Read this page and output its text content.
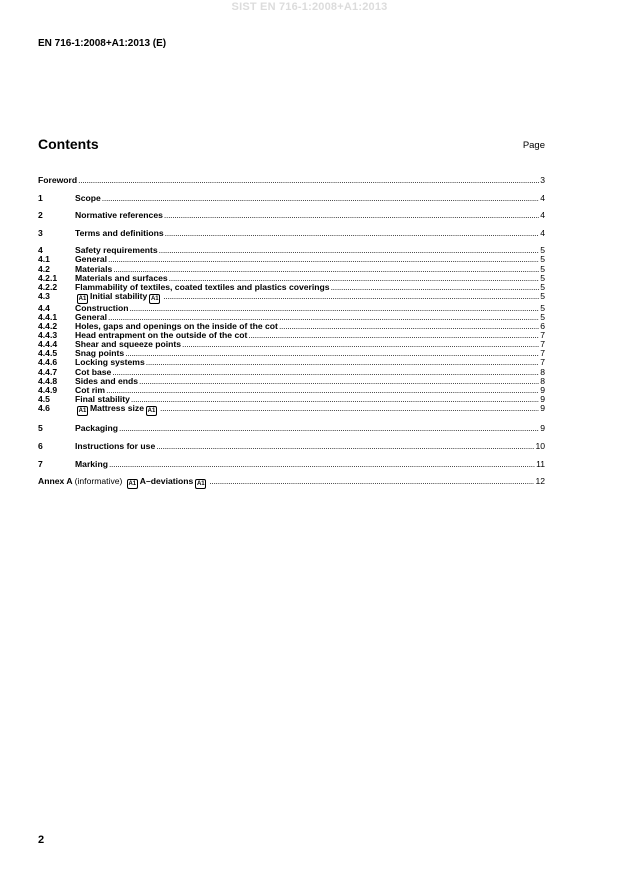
SIST EN 716-1:2008+A1:2013
EN 716-1:2008+A1:2013 (E)
Contents	Page
Foreword .....	3
1	Scope .....	4
2	Normative references .....	4
3	Terms and definitions .....	4
4	Safety requirements .....	5
4.1	General .....	5
4.2	Materials .....	5
4.2.1	Materials and surfaces .....	5
4.2.2	Flammability of textiles, coated textiles and plastics coverings .....	5
4.3	A1 Initial stability A1 .....	5
4.4	Construction .....	5
4.4.1	General .....	5
4.4.2	Holes, gaps and openings on the inside of the cot .....	6
4.4.3	Head entrapment on the outside of the cot .....	7
4.4.4	Shear and squeeze points .....	7
4.4.5	Snag points .....	7
4.4.6	Locking systems .....	7
4.4.7	Cot base .....	8
4.4.8	Sides and ends .....	8
4.4.9	Cot rim .....	9
4.5	Final stability .....	9
4.6	A1 Mattress size A1 .....	9
5	Packaging .....	9
6	Instructions for use .....	10
7	Marking .....	11
Annex A (informative) A1 A–deviations A1 .....	12
2
